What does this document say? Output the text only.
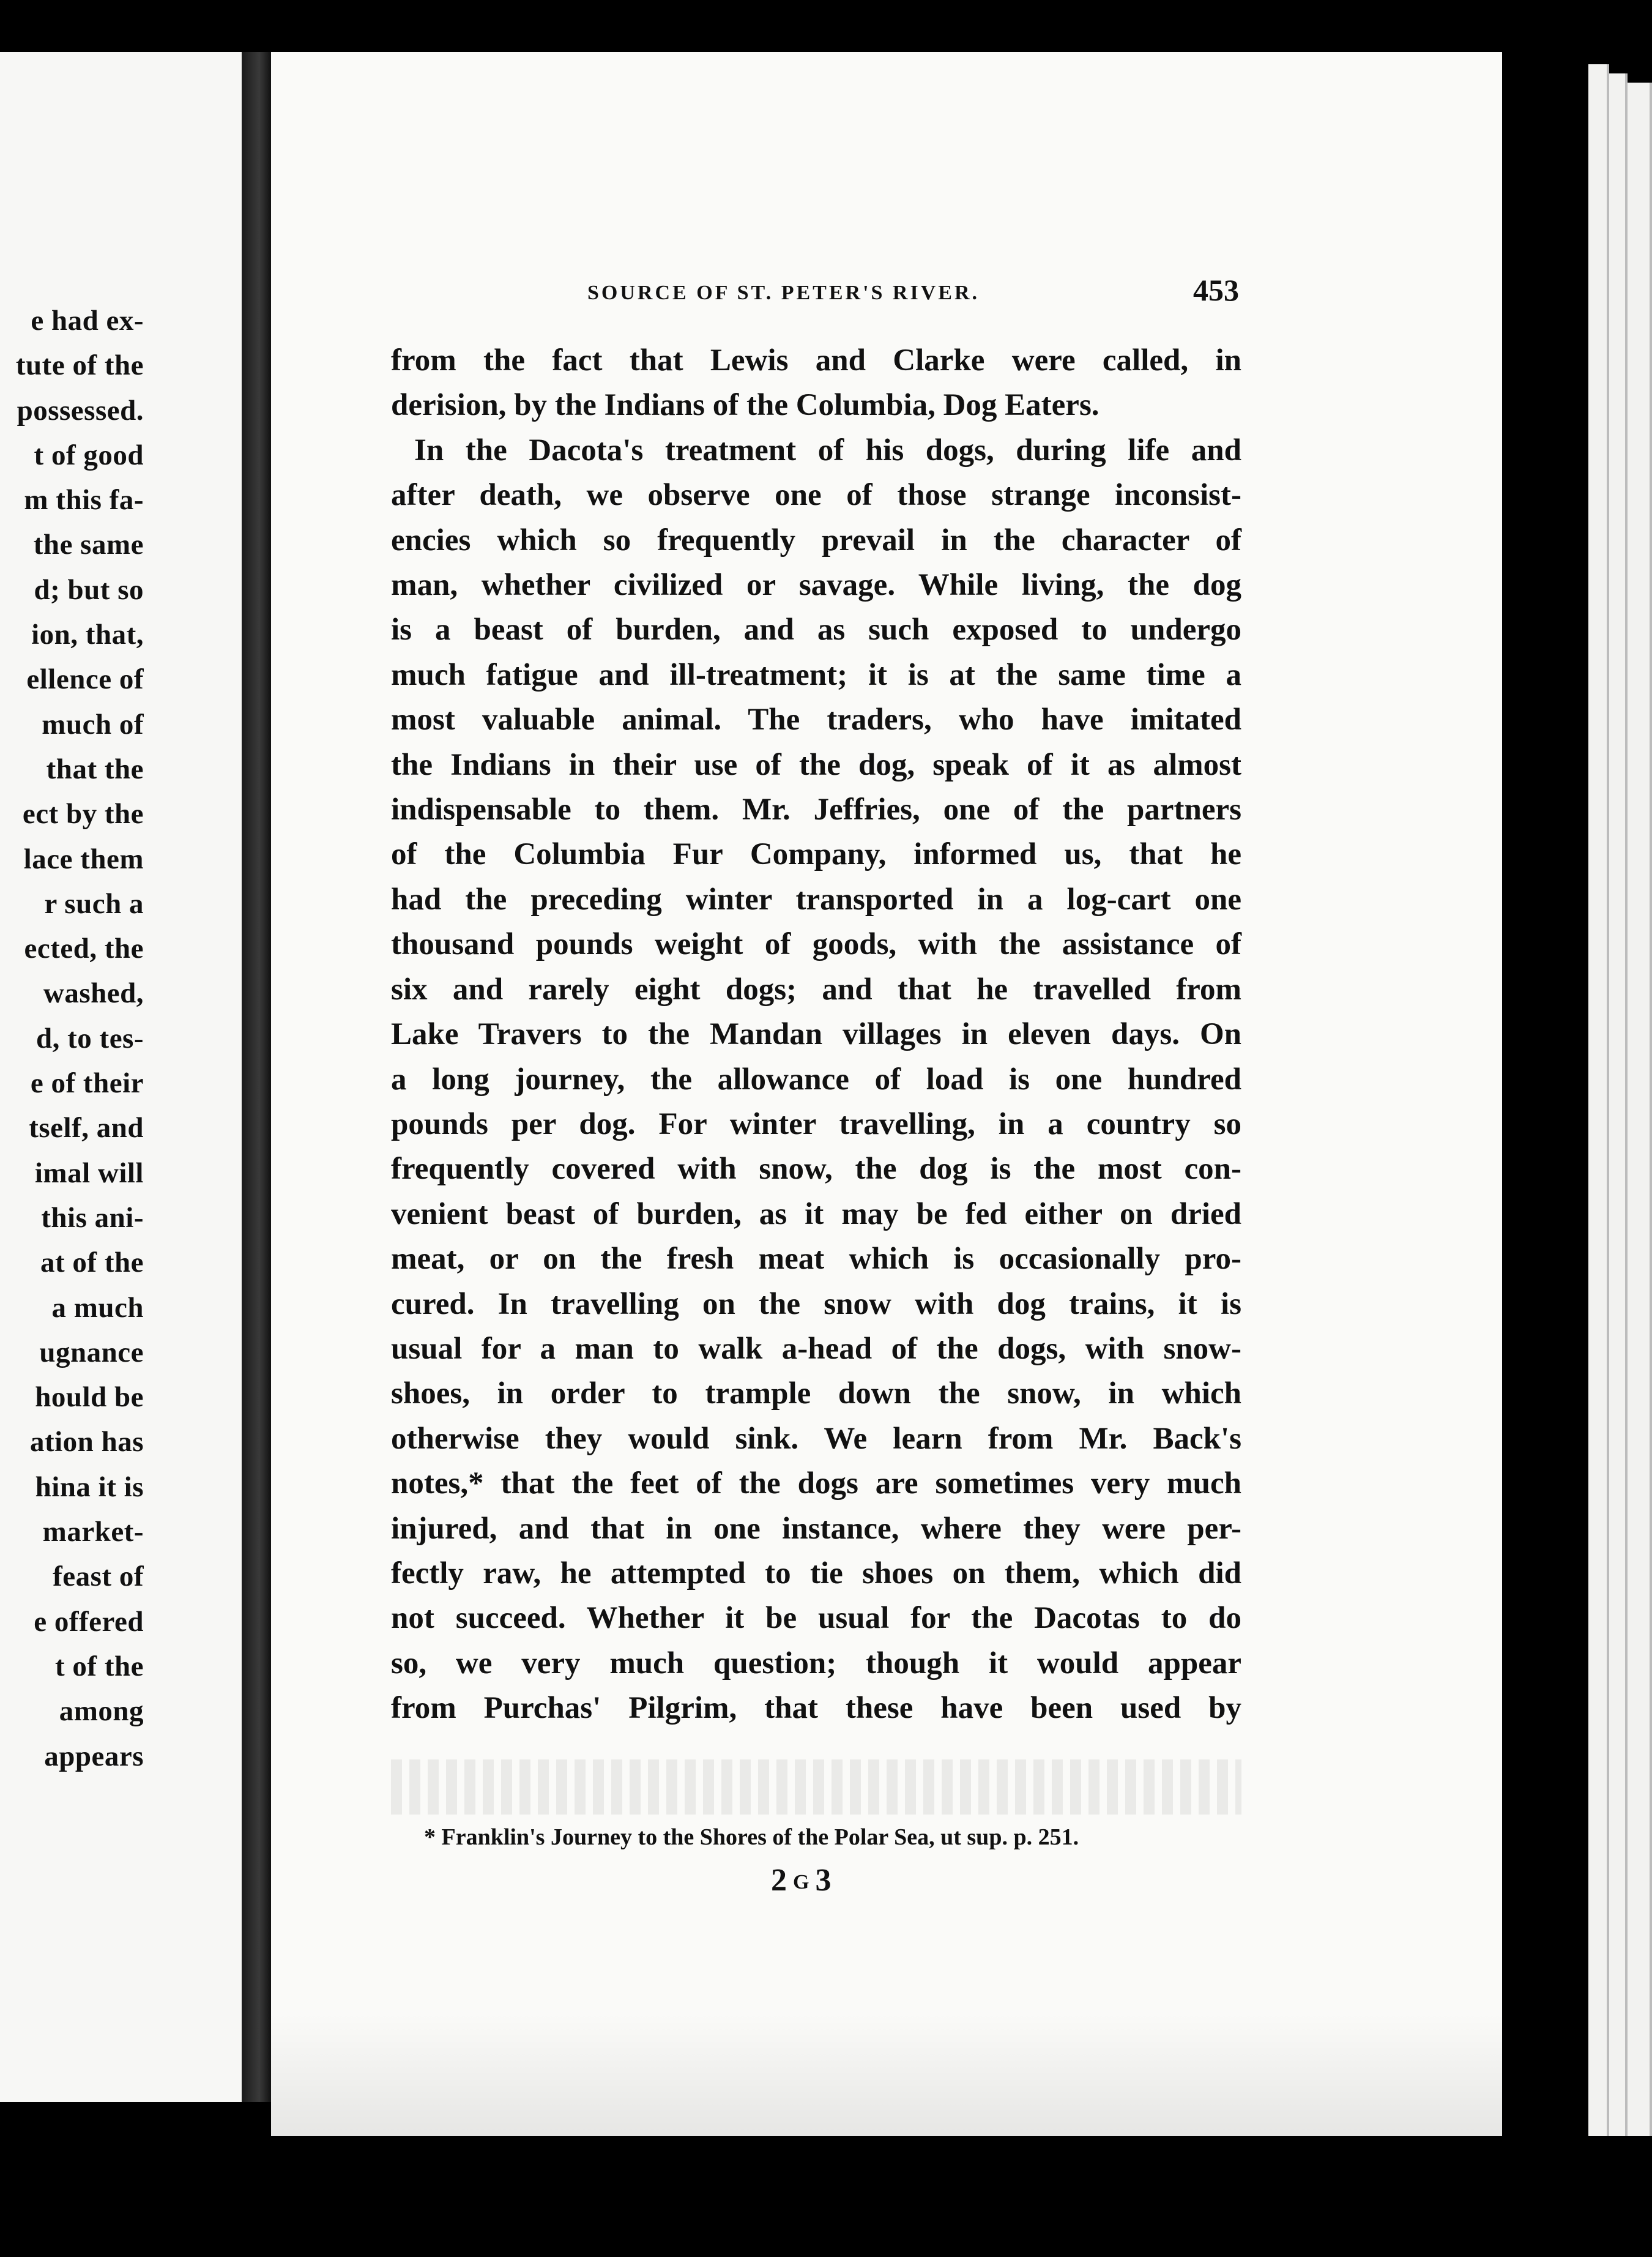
e had ex-
tute of the
possessed.
t of good
m this fa-
the same
d; but so
ion, that,
ellence of
much of
that the
ect by the
lace them
r such a
ected, the
washed,
d, to tes-
e of their
tself, and
imal will
this ani-
at of the
a much
ugnance
hould be
ation has
hina it is
market-
feast of
e offered
t of the
among
appears
SOURCE OF ST. PETER'S RIVER.	453
from the fact that Lewis and Clarke were called, in
derision, by the Indians of the Columbia, Dog Eaters.
In the Dacota's treatment of his dogs, during life and
after death, we observe one of those strange inconsist-
encies which so frequently prevail in the character of
man, whether civilized or savage. While living, the dog
is a beast of burden, and as such exposed to undergo
much fatigue and ill-treatment; it is at the same time a
most valuable animal. The traders, who have imitated
the Indians in their use of the dog, speak of it as almost
indispensable to them. Mr. Jeffries, one of the partners
of the Columbia Fur Company, informed us, that he
had the preceding winter transported in a log-cart one
thousand pounds weight of goods, with the assistance of
six and rarely eight dogs; and that he travelled from
Lake Travers to the Mandan villages in eleven days. On
a long journey, the allowance of load is one hundred
pounds per dog. For winter travelling, in a country so
frequently covered with snow, the dog is the most con-
venient beast of burden, as it may be fed either on dried
meat, or on the fresh meat which is occasionally pro-
cured. In travelling on the snow with dog trains, it is
usual for a man to walk a-head of the dogs, with snow-
shoes, in order to trample down the snow, in which
otherwise they would sink. We learn from Mr. Back's
notes,* that the feet of the dogs are sometimes very much
injured, and that in one instance, where they were per-
fectly raw, he attempted to tie shoes on them, which did
not succeed. Whether it be usual for the Dacotas to do
so, we very much question; though it would appear
from Purchas' Pilgrim, that these have been used by
* Franklin's Journey to the Shores of the Polar Sea, ut sup. p. 251.
2G3
